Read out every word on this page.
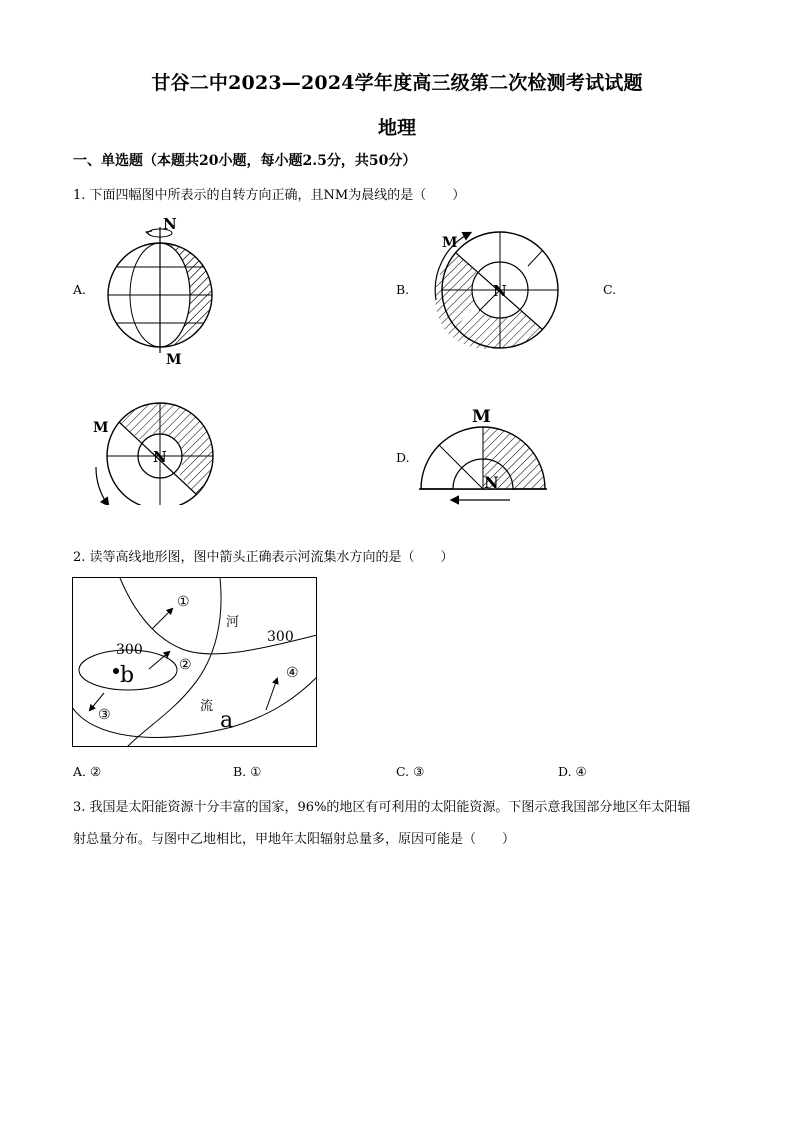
甘谷二中2023—2024学年度高三级第二次检测考试试题
地理
一、单选题（本题共20小题，每小题2.5分，共50分）
1. 下面四幅图中所表示的自转方向正确，且NM为晨线的是（　　）
A.
N
M
B.	N
M
C.
N
M
D.
N
M
2. 读等高线地形图，图中箭头正确表示河流集水方向的是（　　）
①
②
③
④
河
流
300
300
b
a
A. ②	B. ①	C. ③	D. ④
3. 我国是太阳能资源十分丰富的国家，96%的地区有可利用的太阳能资源。下图示意我国部分地区年太阳辐
射总量分布。与图中乙地相比，甲地年太阳辐射总量多，原因可能是（　　）
